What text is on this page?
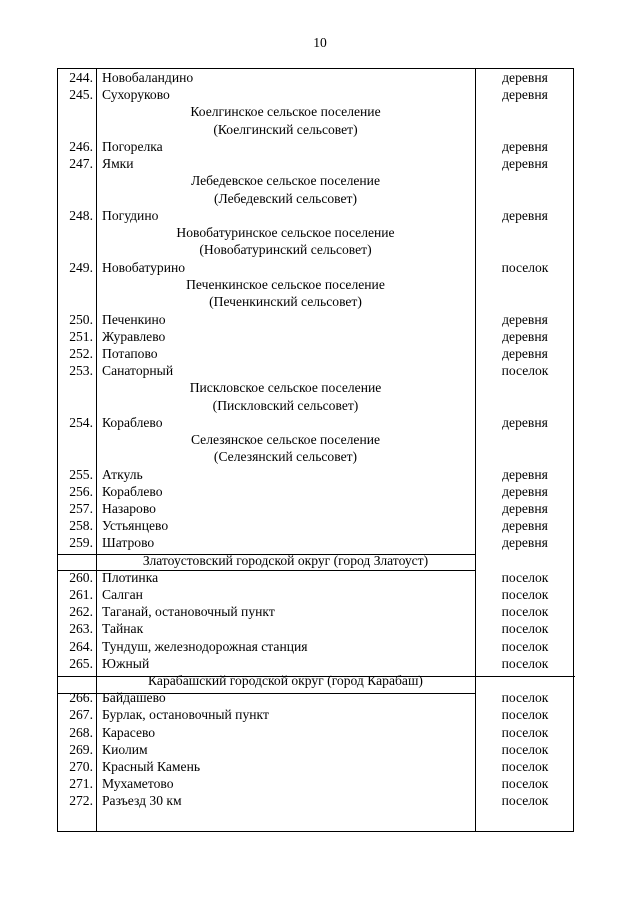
10
244. Новобаландино	деревня
245. Сухоруково	деревня
Коелгинское сельское поселение
(Коелгинский сельсовет)
246. Погорелка	деревня
247. Ямки	деревня
Лебедевское сельское поселение
(Лебедевский сельсовет)
248. Погудино	деревня
Новобатуринское сельское поселение
(Новобатуринский сельсовет)
249. Новобатурино	поселок
Печенкинское сельское поселение
(Печенкинский сельсовет)
250. Печенкино	деревня
251. Журавлево	деревня
252. Потапово	деревня
253. Санаторный	поселок
Пискловское сельское поселение
(Пискловский сельсовет)
254. Кораблево	деревня
Селезянское сельское поселение
(Селезянский сельсовет)
255. Аткуль	деревня
256. Кораблево	деревня
257. Назарово	деревня
258. Устьянцево	деревня
259. Шатрово	деревня
Златоустовский городской округ (город Златоуст)
260. Плотинка	поселок
261. Салган	поселок
262. Таганай, остановочный пункт	поселок
263. Тайнак	поселок
264. Тундуш, железнодорожная станция	поселок
265. Южный	поселок
Карабашский городской округ (город Карабаш)
266. Байдашево	поселок
267. Бурлак, остановочный пункт	поселок
268. Карасево	поселок
269. Киолим	поселок
270. Красный Камень	поселок
271. Мухаметово	поселок
272. Разъезд 30 км	поселок
